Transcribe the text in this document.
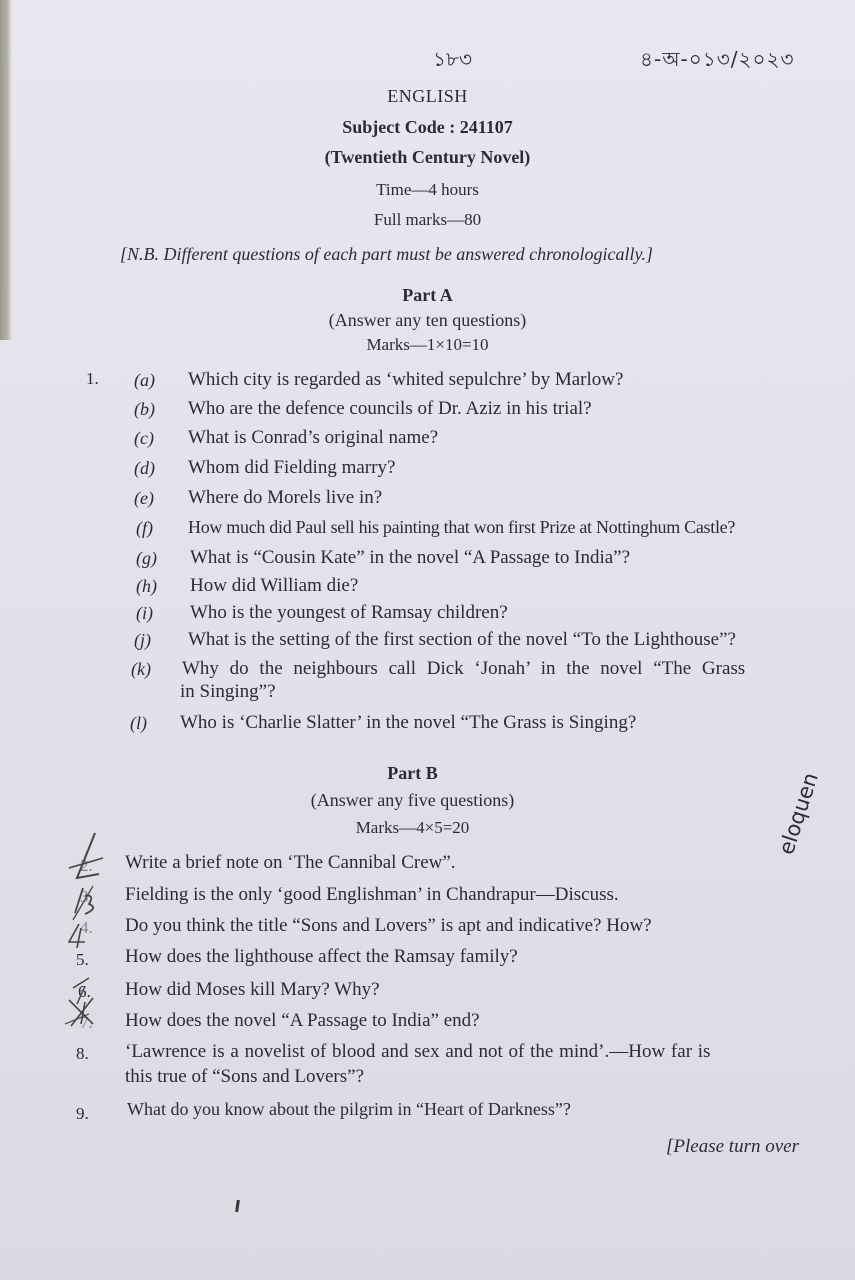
১৮৩	৪-অ-০১৩/২০২৩
ENGLISH
Subject Code : 241107
(Twentieth Century Novel)
Time—4 hours
Full marks—80
[N.B. Different questions of each part must be answered chronologically.]
Part A
(Answer any ten questions)
Marks—1×10=10
1. (a) Which city is regarded as ‘whited sepulchre’ by Marlow?
(b) Who are the defence councils of Dr. Aziz in his trial?
(c) What is Conrad’s original name?
(d) Whom did Fielding marry?
(e) Where do Morels live in?
(f) How much did Paul sell his painting that won first Prize at Nottinghum Castle?
(g) What is “Cousin Kate” in the novel “A Passage to India”?
(h) How did William die?
(i) Who is the youngest of Ramsay children?
(j) What is the setting of the first section of the novel “To the Lighthouse”?
(k) Why do the neighbours call Dick ‘Jonah’ in the novel “The Grass
in Singing”?
(l) Who is ‘Charlie Slatter’ in the novel “The Grass is Singing?
Part B
(Answer any five questions)
Marks—4×5=20
2. Write a brief note on ‘The Cannibal Crew”.
3. Fielding is the only ‘good Englishman’ in Chandrapur—Discuss.
4. Do you think the title “Sons and Lovers” is apt and indicative? How?
5. How does the lighthouse affect the Ramsay family?
6. How did Moses kill Mary? Why?
7. How does the novel “A Passage to India” end?
8. ‘Lawrence is a novelist of blood and sex and not of the mind’.—How far is
this true of “Sons and Lovers”?
9. What do you know about the pilgrim in “Heart of Darkness”?
[Please turn over
eloquen
